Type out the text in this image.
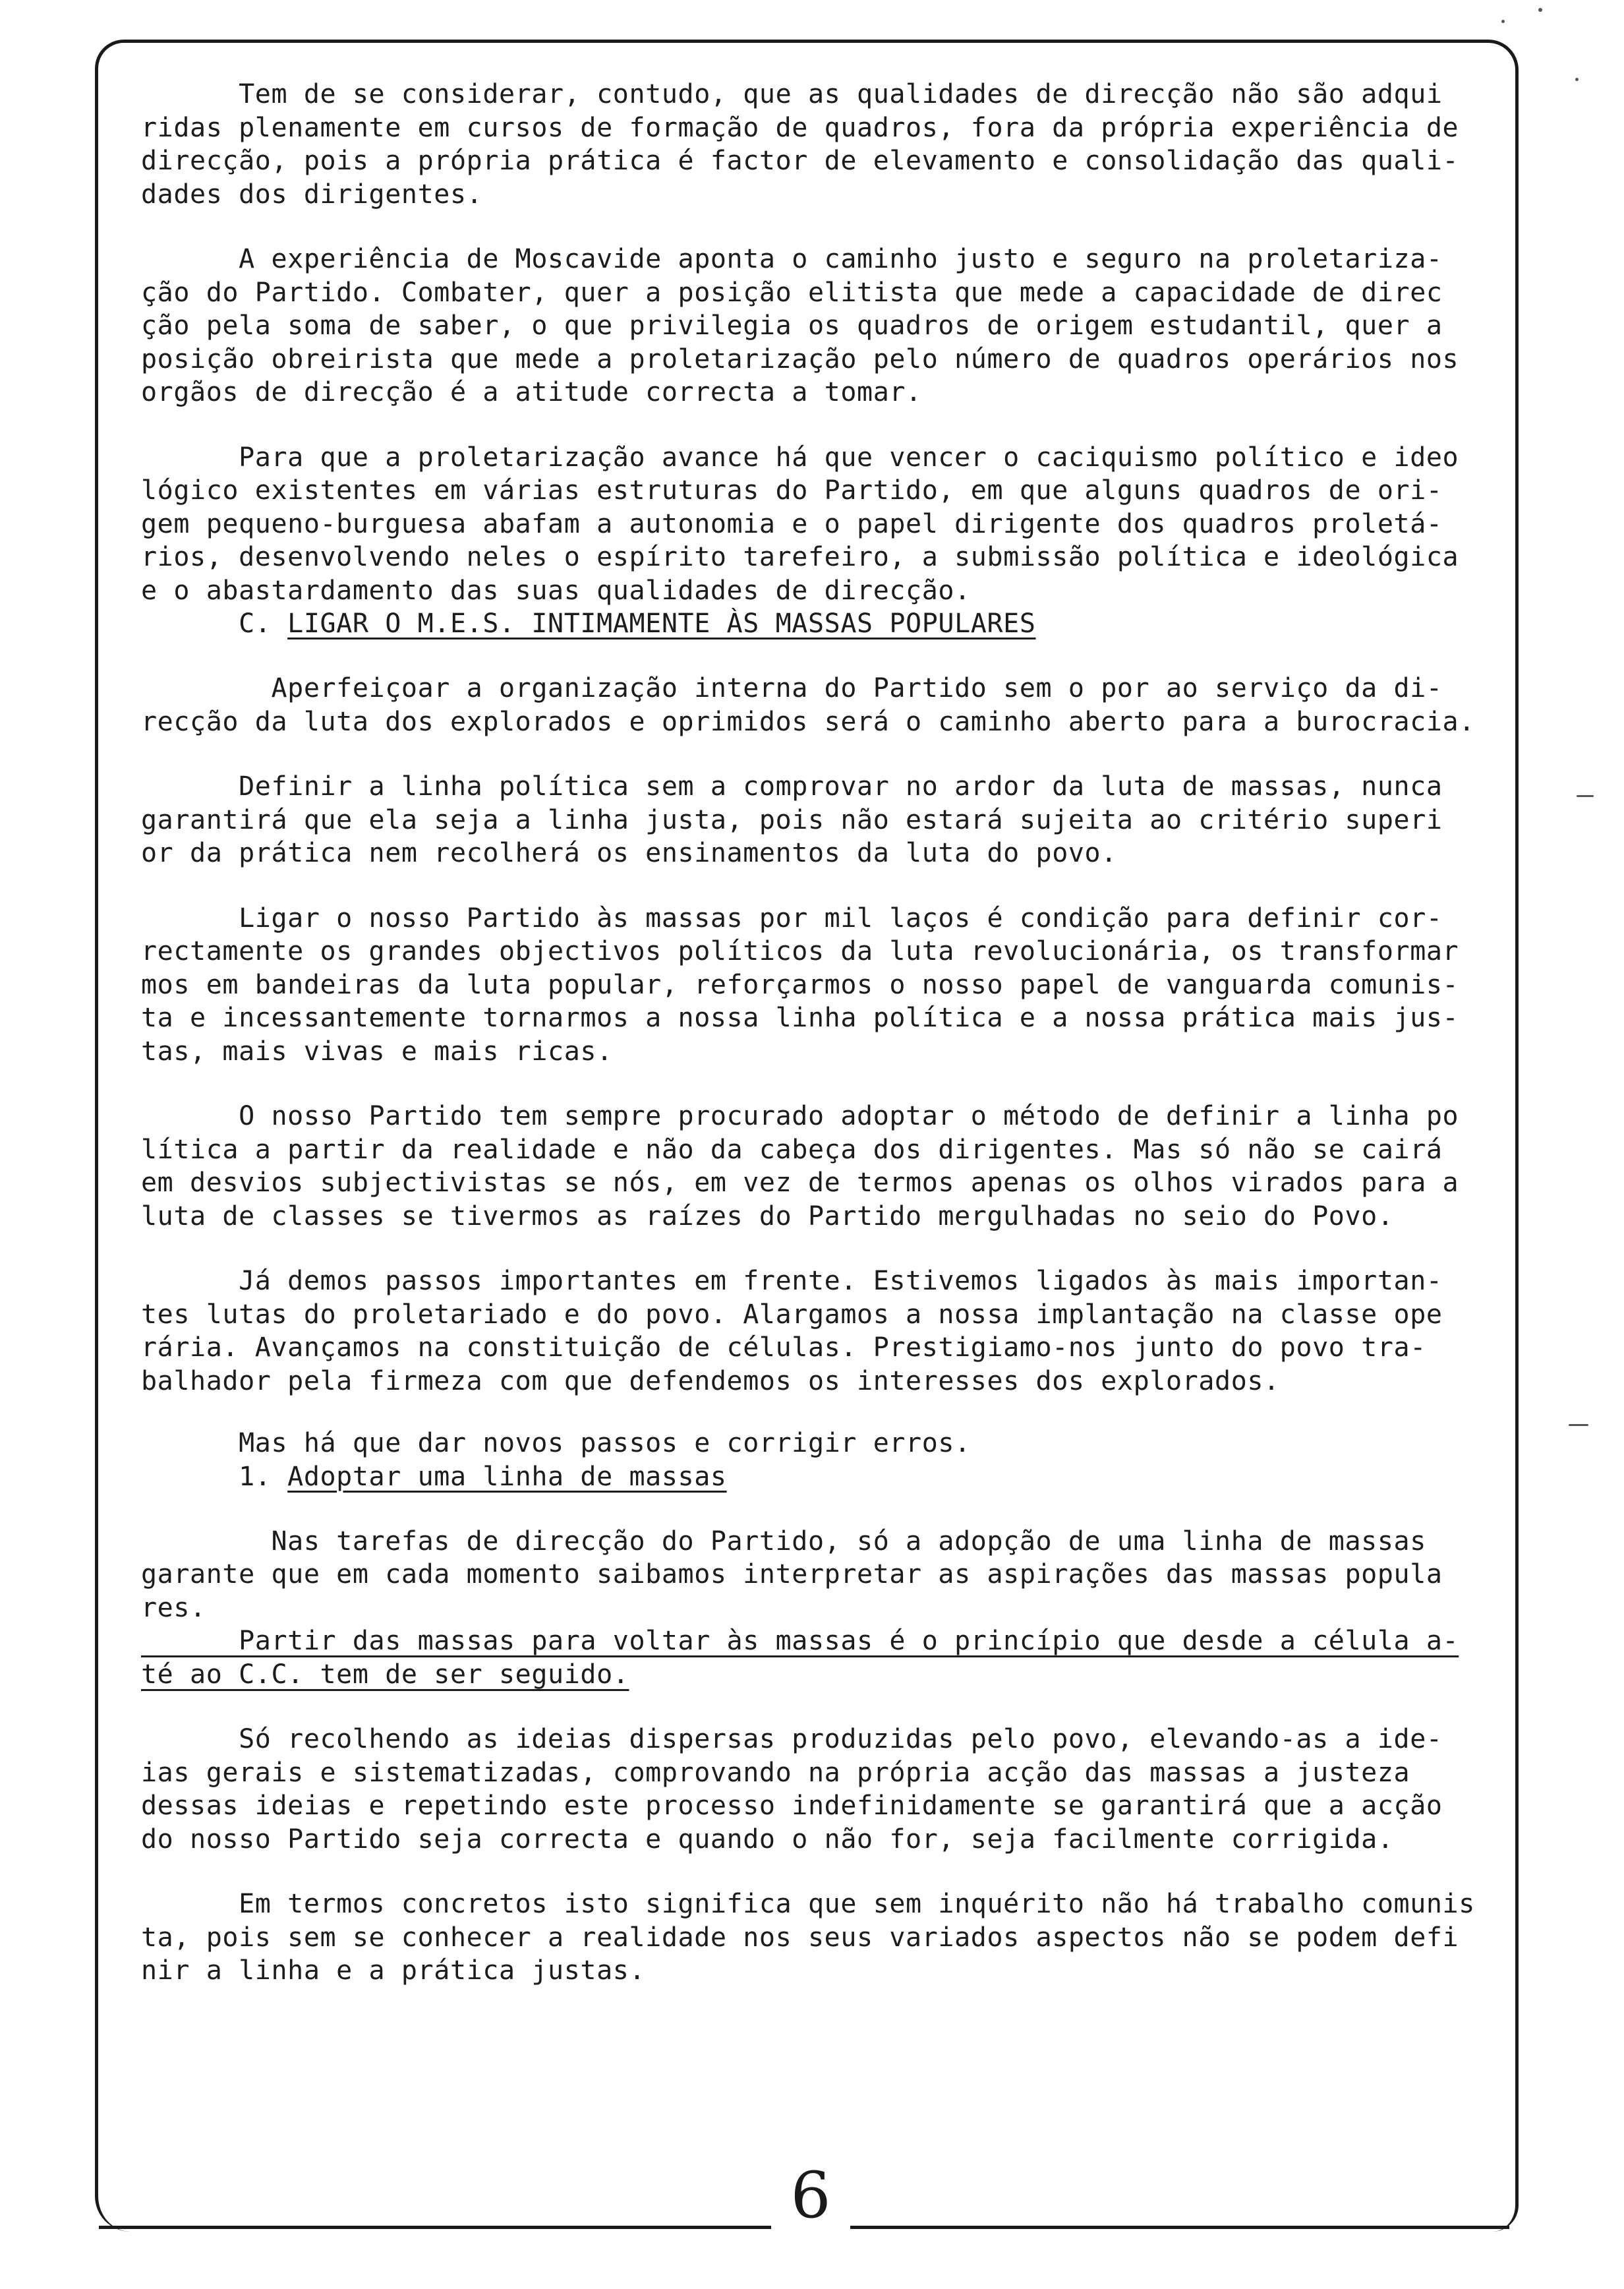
6

Tem de se considerar, contudo, que as qualidades de direcção não são adqui
ridas plenamente em cursos de formação de quadros, fora da própria experiência de
direcção, pois a própria prática é factor de elevamento e consolidação das quali-
dades dos dirigentes.

A experiência de Moscavide aponta o caminho justo e seguro na proletariza-
ção do Partido. Combater, quer a posição elitista que mede a capacidade de direc
ção pela soma de saber, o que privilegia os quadros de origem estudantil, quer a
posição obreirista que mede a proletarização pelo número de quadros operários nos
orgãos de direcção é a atitude correcta a tomar.

Para que a proletarização avance há que vencer o caciquismo político e ideo
lógico existentes em várias estruturas do Partido, em que alguns quadros de ori-
gem pequeno-burguesa abafam a autonomia e o papel dirigente dos quadros proletá-
rios, desenvolvendo neles o espírito tarefeiro, a submissão política e ideológica
e o abastardamento das suas qualidades de direcção.

C. LIGAR O M.E.S. INTIMAMENTE ÀS MASSAS POPULARES

Aperfeiçoar a organização interna do Partido sem o por ao serviço da di-
recção da luta dos explorados e oprimidos será o caminho aberto para a burocracia.

Definir a linha política sem a comprovar no ardor da luta de massas, nunca
garantirá que ela seja a linha justa, pois não estará sujeita ao critério superi
or da prática nem recolherá os ensinamentos da luta do povo.

Ligar o nosso Partido às massas por mil laços é condição para definir cor-
rectamente os grandes objectivos políticos da luta revolucionária, os transformar
mos em bandeiras da luta popular, reforçarmos o nosso papel de vanguarda comunis-
ta e incessantemente tornarmos a nossa linha política e a nossa prática mais jus-
tas, mais vivas e mais ricas.

O nosso Partido tem sempre procurado adoptar o método de definir a linha po
lítica a partir da realidade e não da cabeça dos dirigentes. Mas só não se cairá
em desvios subjectivistas se nós, em vez de termos apenas os olhos virados para a
luta de classes se tivermos as raízes do Partido mergulhadas no seio do Povo.

Já demos passos importantes em frente. Estivemos ligados às mais importan-
tes lutas do proletariado e do povo. Alargamos a nossa implantação na classe ope
rária. Avançamos na constituição de células. Prestigiamo-nos junto do povo tra-
balhador pela firmeza com que defendemos os interesses dos explorados.

Mas há que dar novos passos e corrigir erros.

1. Adoptar uma linha de massas

Nas tarefas de direcção do Partido, só a adopção de uma linha de massas
garante que em cada momento saibamos interpretar as aspirações das massas popula
res.

Partir das massas para voltar às massas é o princípio que desde a célula a-
té ao C.C. tem de ser seguido.

Só recolhendo as ideias dispersas produzidas pelo povo, elevando-as a ide-
ias gerais e sistematizadas, comprovando na própria acção das massas a justeza
dessas ideias e repetindo este processo indefinidamente se garantirá que a acção
do nosso Partido seja correcta e quando o não for, seja facilmente corrigida.

Em termos concretos isto significa que sem inquérito não há trabalho comunis
ta, pois sem se conhecer a realidade nos seus variados aspectos não se podem defi
nir a linha e a prática justas.
